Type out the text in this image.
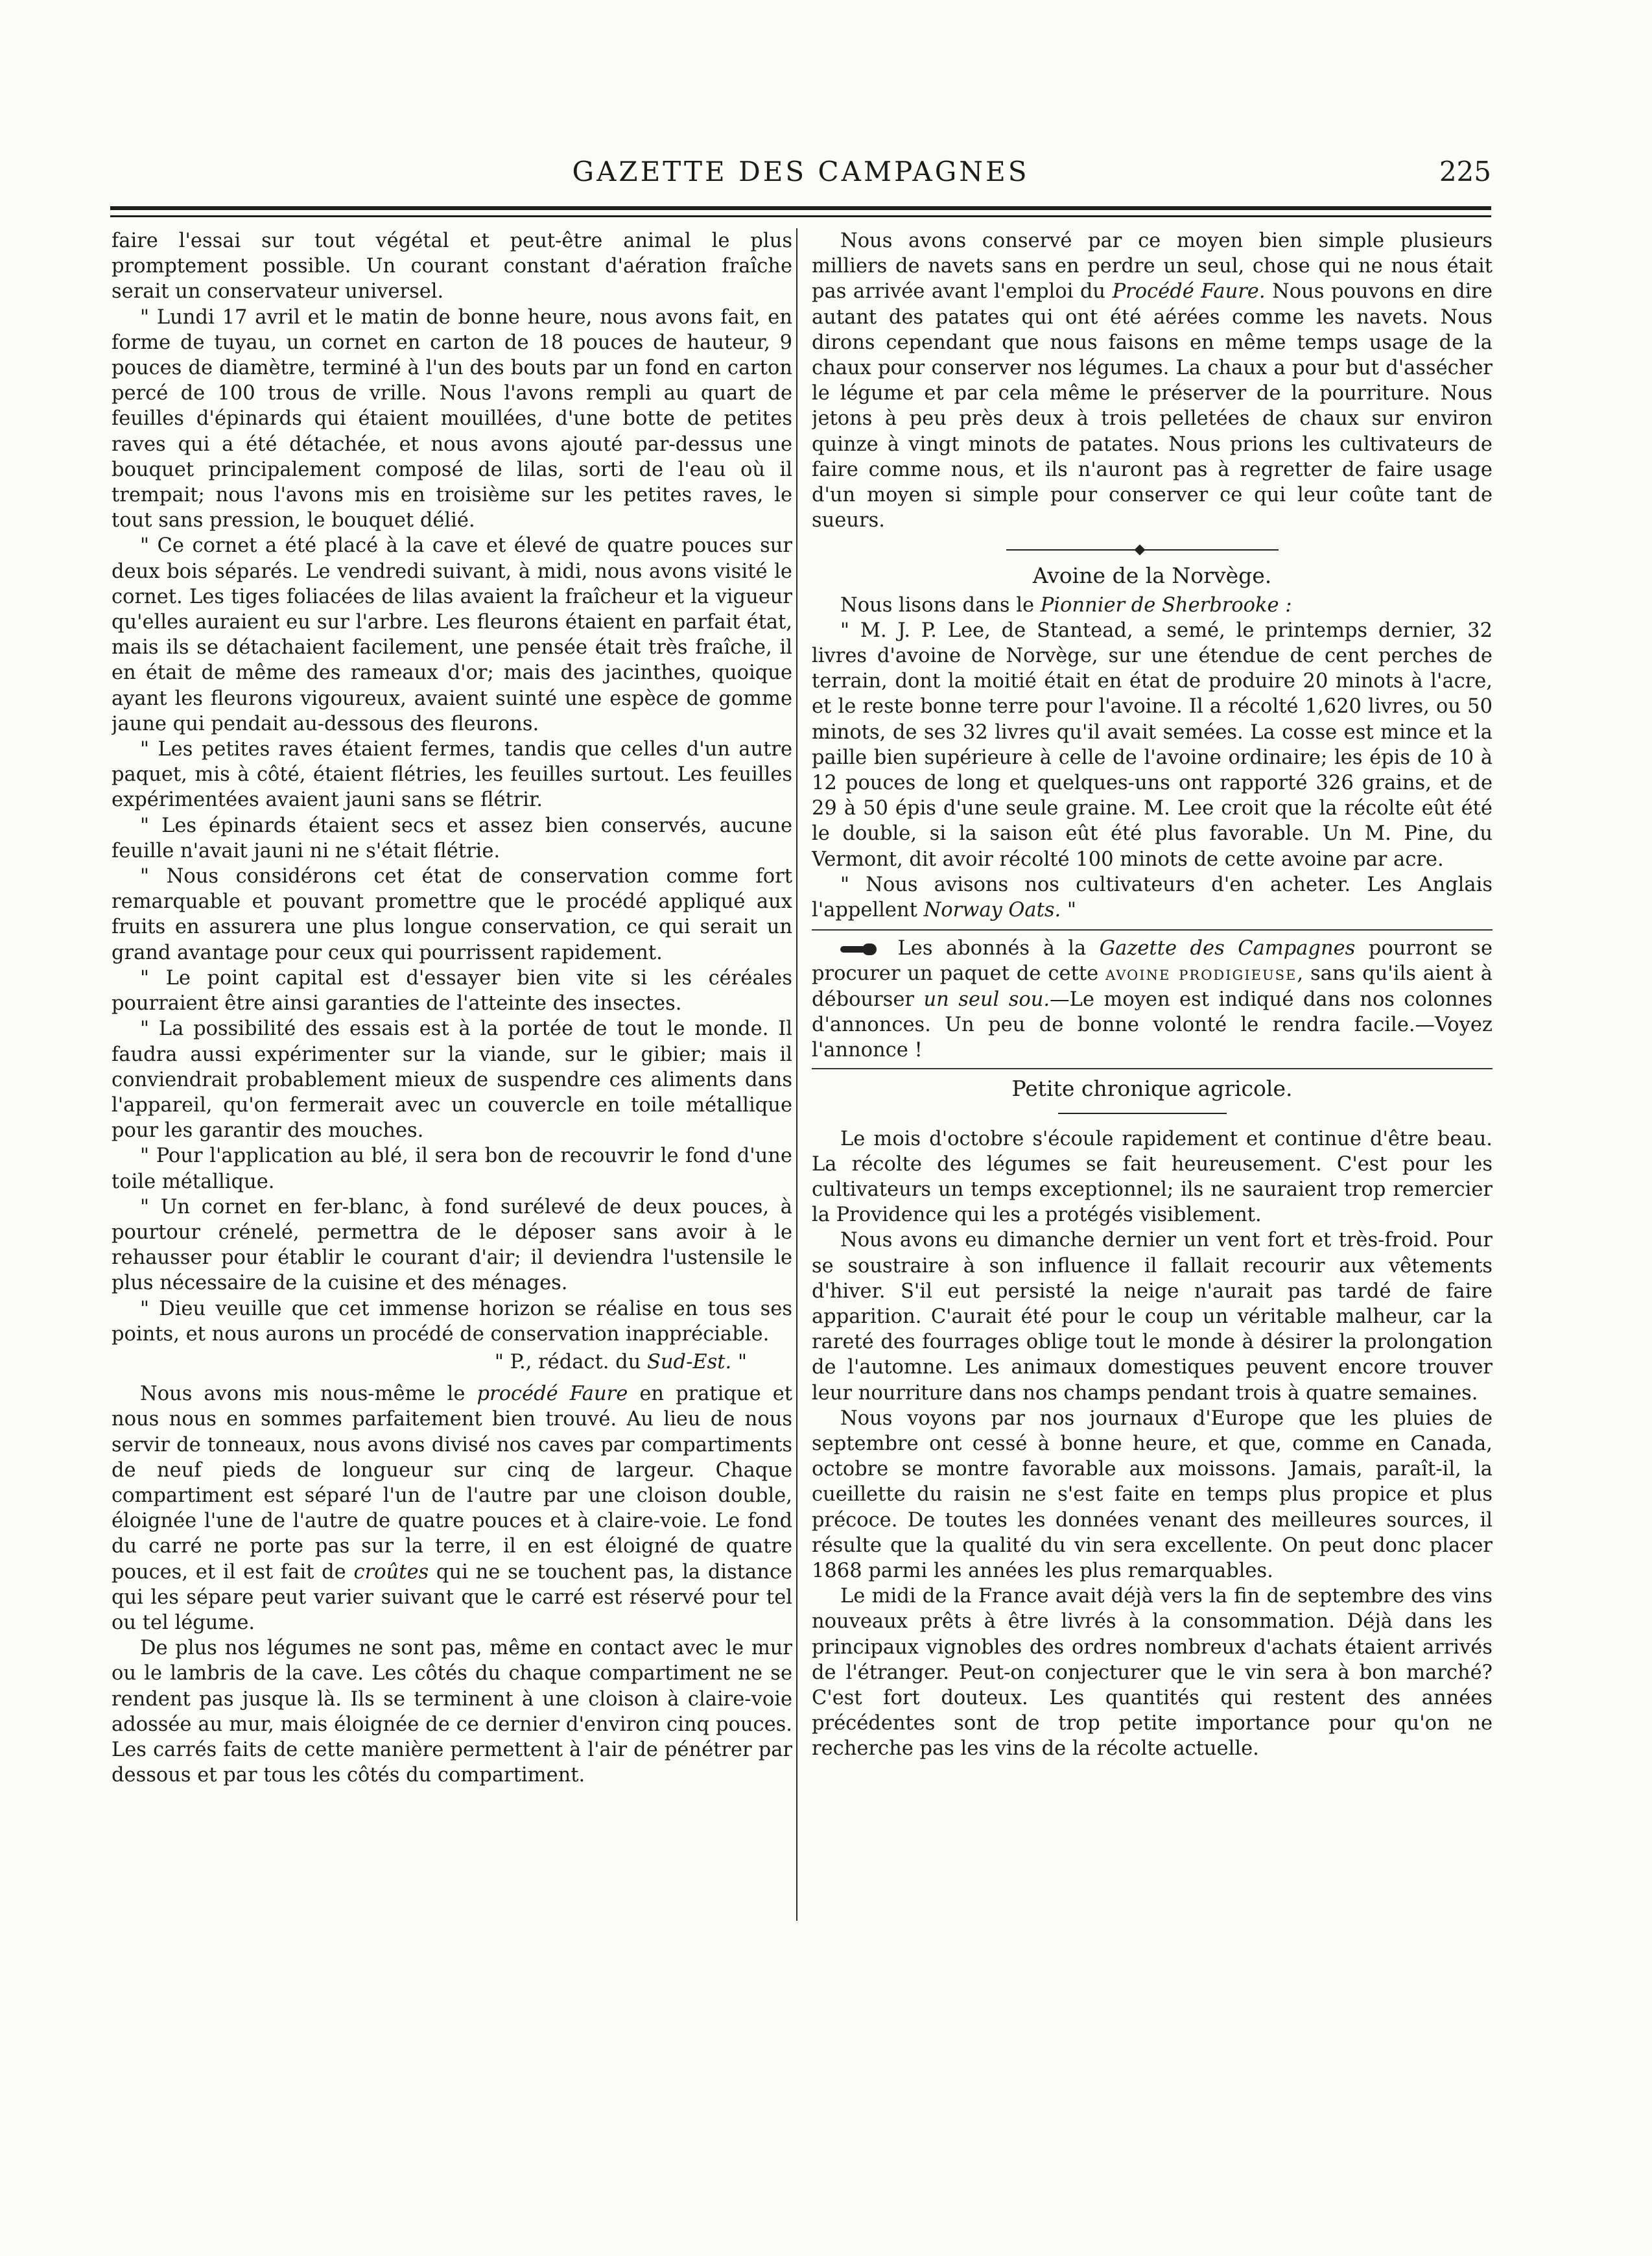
GAZETTE DES CAMPAGNES	225

faire l'essai sur tout végétal et peut-être animal le plus promptement possible. Un courant constant d'aération fraîche serait un conservateur universel.

" Lundi 17 avril et le matin de bonne heure, nous avons fait, en forme de tuyau, un cornet en carton de 18 pouces de hauteur, 9 pouces de diamètre, terminé à l'un des bouts par un fond en carton percé de 100 trous de vrille. Nous l'avons rempli au quart de feuilles d'épinards qui étaient mouillées, d'une botte de petites raves qui a été détachée, et nous avons ajouté par-dessus une bouquet principalement composé de lilas, sorti de l'eau où il trempait; nous l'avons mis en troisième sur les petites raves, le tout sans pression, le bouquet délié.

" Ce cornet a été placé à la cave et élevé de quatre pouces sur deux bois séparés. Le vendredi suivant, à midi, nous avons visité le cornet. Les tiges foliacées de lilas avaient la fraîcheur et la vigueur qu'elles auraient eu sur l'arbre. Les fleurons étaient en parfait état, mais ils se détachaient facilement, une pensée était très fraîche, il en était de même des rameaux d'or; mais des jacinthes, quoique ayant les fleurons vigoureux, avaient suinté une espèce de gomme jaune qui pendait au-dessous des fleurons.

" Les petites raves étaient fermes, tandis que celles d'un autre paquet, mis à côté, étaient flétries, les feuilles surtout. Les feuilles expérimentées avaient jauni sans se flétrir.

" Les épinards étaient secs et assez bien conservés, aucune feuille n'avait jauni ni ne s'était flétrie.

" Nous considérons cet état de conservation comme fort remarquable et pouvant promettre que le procédé appliqué aux fruits en assurera une plus longue conservation, ce qui serait un grand avantage pour ceux qui pourrissent rapidement.

" Le point capital est d'essayer bien vite si les céréales pourraient être ainsi garanties de l'atteinte des insectes.

" La possibilité des essais est à la portée de tout le monde. Il faudra aussi expérimenter sur la viande, sur le gibier; mais il conviendrait probablement mieux de suspendre ces aliments dans l'appareil, qu'on fermerait avec un couvercle en toile métallique pour les garantir des mouches.

" Pour l'application au blé, il sera bon de recouvrir le fond d'une toile métallique.

" Un cornet en fer-blanc, à fond surélevé de deux pouces, à pourtour crénelé, permettra de le déposer sans avoir à le rehausser pour établir le courant d'air; il deviendra l'ustensile le plus nécessaire de la cuisine et des ménages.

" Dieu veuille que cet immense horizon se réalise en tous ses points, et nous aurons un procédé de conservation inappréciable.

" P., rédact. du Sud-Est. "

Nous avons mis nous-même le procédé Faure en pratique et nous nous en sommes parfaitement bien trouvé. Au lieu de nous servir de tonneaux, nous avons divisé nos caves par compartiments de neuf pieds de longueur sur cinq de largeur. Chaque compartiment est séparé l'un de l'autre par une cloison double, éloignée l'une de l'autre de quatre pouces et à claire-voie. Le fond du carré ne porte pas sur la terre, il en est éloigné de quatre pouces, et il est fait de croûtes qui ne se touchent pas, la distance qui les sépare peut varier suivant que le carré est réservé pour tel ou tel légume.

De plus nos légumes ne sont pas, même en contact avec le mur ou le lambris de la cave. Les côtés du chaque compartiment ne se rendent pas jusque là. Ils se terminent à une cloison à claire-voie adossée au mur, mais éloignée de ce dernier d'environ cinq pouces. Les carrés faits de cette manière permettent à l'air de pénétrer par dessous et par tous les côtés du compartiment.

Nous avons conservé par ce moyen bien simple plusieurs milliers de navets sans en perdre un seul, chose qui ne nous était pas arrivée avant l'emploi du Procédé Faure. Nous pouvons en dire autant des patates qui ont été aérées comme les navets. Nous dirons cependant que nous faisons en même temps usage de la chaux pour conserver nos légumes. La chaux a pour but d'assécher le légume et par cela même le préserver de la pourriture. Nous jetons à peu près deux à trois pelletées de chaux sur environ quinze à vingt minots de patates. Nous prions les cultivateurs de faire comme nous, et ils n'auront pas à regretter de faire usage d'un moyen si simple pour conserver ce qui leur coûte tant de sueurs.

Avoine de la Norvège.

Nous lisons dans le Pionnier de Sherbrooke :

" M. J. P. Lee, de Stantead, a semé, le printemps dernier, 32 livres d'avoine de Norvège, sur une étendue de cent perches de terrain, dont la moitié était en état de produire 20 minots à l'acre, et le reste bonne terre pour l'avoine. Il a récolté 1,620 livres, ou 50 minots, de ses 32 livres qu'il avait semées. La cosse est mince et la paille bien supérieure à celle de l'avoine ordinaire; les épis de 10 à 12 pouces de long et quelques-uns ont rapporté 326 grains, et de 29 à 50 épis d'une seule graine. M. Lee croit que la récolte eût été le double, si la saison eût été plus favorable. Un M. Pine, du Vermont, dit avoir récolté 100 minots de cette avoine par acre.

" Nous avisons nos cultivateurs d'en acheter. Les Anglais l'appellent Norway Oats. "

Les abonnés à la Gazette des Campagnes pourront se procurer un paquet de cette avoine prodigieuse, sans qu'ils aient à débourser un seul sou.—Le moyen est indiqué dans nos colonnes d'annonces. Un peu de bonne volonté le rendra facile.—Voyez l'annonce !

Petite chronique agricole.

Le mois d'octobre s'écoule rapidement et continue d'être beau. La récolte des légumes se fait heureusement. C'est pour les cultivateurs un temps exceptionnel; ils ne sauraient trop remercier la Providence qui les a protégés visiblement.

Nous avons eu dimanche dernier un vent fort et très-froid. Pour se soustraire à son influence il fallait recourir aux vêtements d'hiver. S'il eut persisté la neige n'aurait pas tardé de faire apparition. C'aurait été pour le coup un véritable malheur, car la rareté des fourrages oblige tout le monde à désirer la prolongation de l'automne. Les animaux domestiques peuvent encore trouver leur nourriture dans nos champs pendant trois à quatre semaines.

Nous voyons par nos journaux d'Europe que les pluies de septembre ont cessé à bonne heure, et que, comme en Canada, octobre se montre favorable aux moissons. Jamais, paraît-il, la cueillette du raisin ne s'est faite en temps plus propice et plus précoce. De toutes les données venant des meilleures sources, il résulte que la qualité du vin sera excellente. On peut donc placer 1868 parmi les années les plus remarquables.

Le midi de la France avait déjà vers la fin de septembre des vins nouveaux prêts à être livrés à la consommation. Déjà dans les principaux vignobles des ordres nombreux d'achats étaient arrivés de l'étranger. Peut-on conjecturer que le vin sera à bon marché? C'est fort douteux. Les quantités qui restent des années précédentes sont de trop petite importance pour qu'on ne recherche pas les vins de la récolte actuelle.
